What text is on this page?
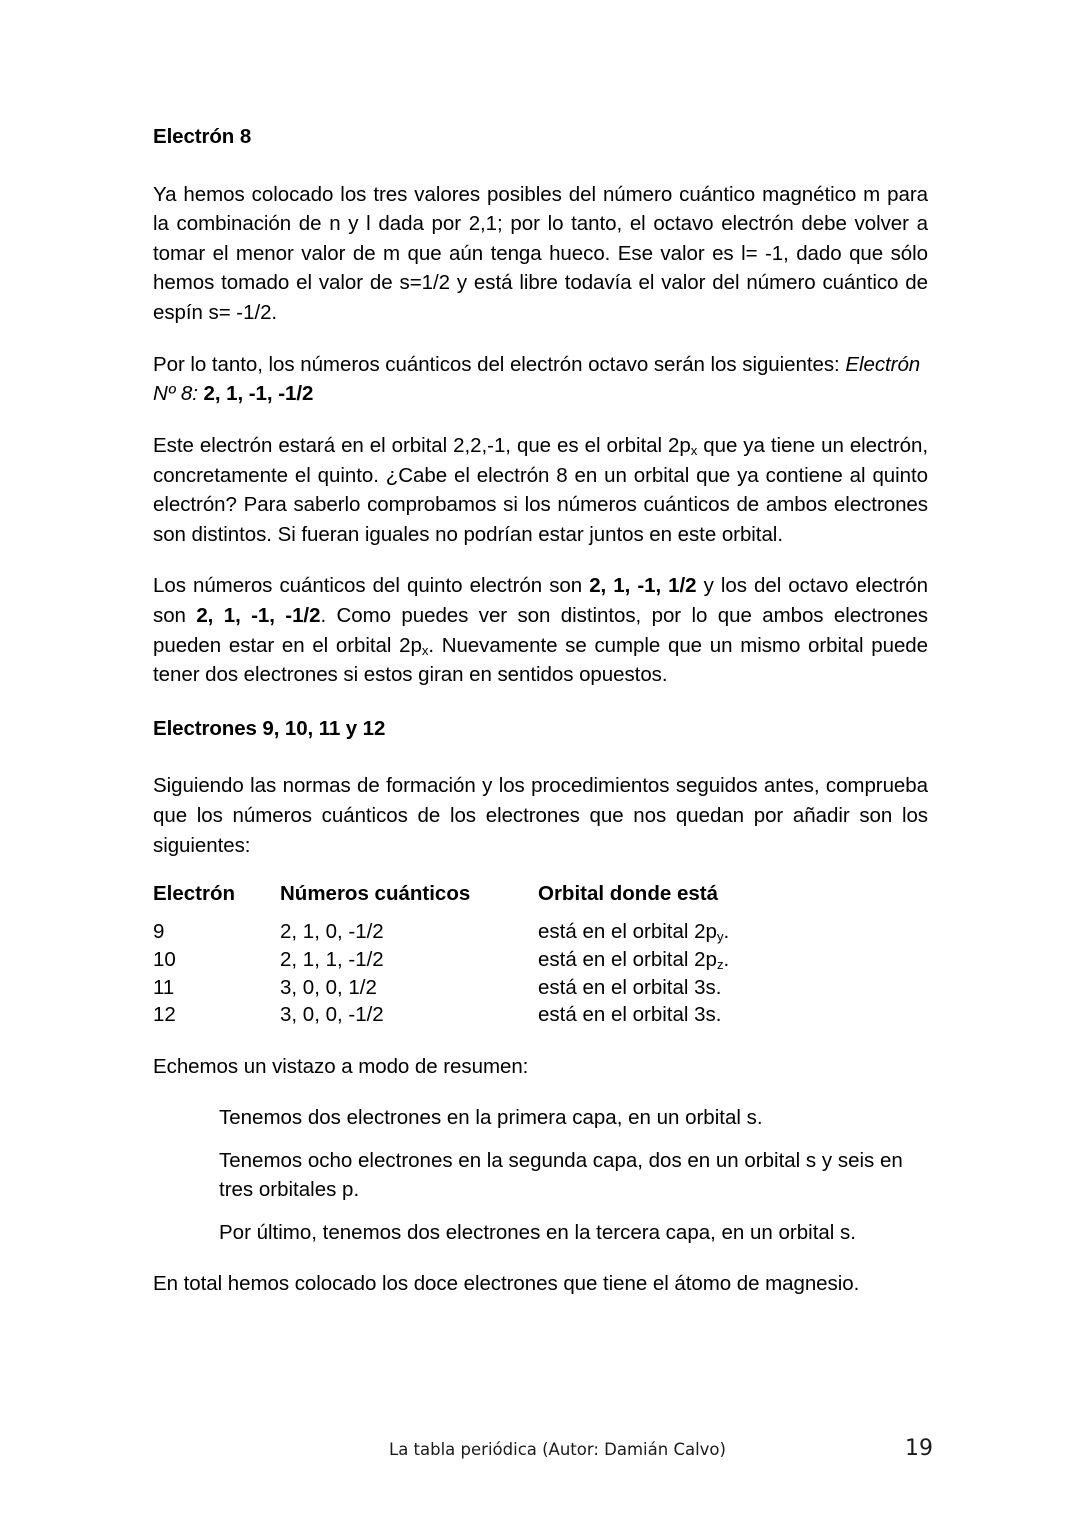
Electrón 8

Ya hemos colocado los tres valores posibles del número cuántico magnético m para la combinación de n y l dada por 2,1; por lo tanto, el octavo electrón debe volver a tomar el menor valor de m que aún tenga hueco. Ese valor es l= -1, dado que sólo hemos tomado el valor de s=1/2 y está libre todavía el valor del número cuántico de espín s= -1/2.

Por lo tanto, los números cuánticos del electrón octavo serán los siguientes: Electrón Nº 8: 2, 1, -1, -1/2

Este electrón estará en el orbital 2,2,-1, que es el orbital $2p_x$ que ya tiene un electrón, concretamente el quinto. ¿Cabe el electrón 8 en un orbital que ya contiene al quinto electrón? Para saberlo comprobamos si los números cuánticos de ambos electrones son distintos. Si fueran iguales no podrían estar juntos en este orbital.

Los números cuánticos del quinto electrón son 2, 1, -1, 1/2 y los del octavo electrón son 2, 1, -1, -1/2. Como puedes ver son distintos, por lo que ambos electrones pueden estar en el orbital $2p_x$. Nuevamente se cumple que un mismo orbital puede tener dos electrones si estos giran en sentidos opuestos.

Electrones 9, 10, 11 y 12

Siguiendo las normas de formación y los procedimientos seguidos antes, comprueba que los números cuánticos de los electrones que nos quedan por añadir son los siguientes:

Electrón	Números cuánticos	Orbital donde está
9	2, 1, 0, -1/2	está en el orbital $2p_y$.
10	2, 1, 1, -1/2	está en el orbital $2p_z$.
11	3, 0, 0, 1/2	está en el orbital 3s.
12	3, 0, 0, -1/2	está en el orbital 3s.

Echemos un vistazo a modo de resumen:

Tenemos dos electrones en la primera capa, en un orbital s.
Tenemos ocho electrones en la segunda capa, dos en un orbital s y seis en tres orbitales p.
Por último, tenemos dos electrones en la tercera capa, en un orbital s.

En total hemos colocado los doce electrones que tiene el átomo de magnesio.

La tabla periódica (Autor: Damián Calvo)	19
